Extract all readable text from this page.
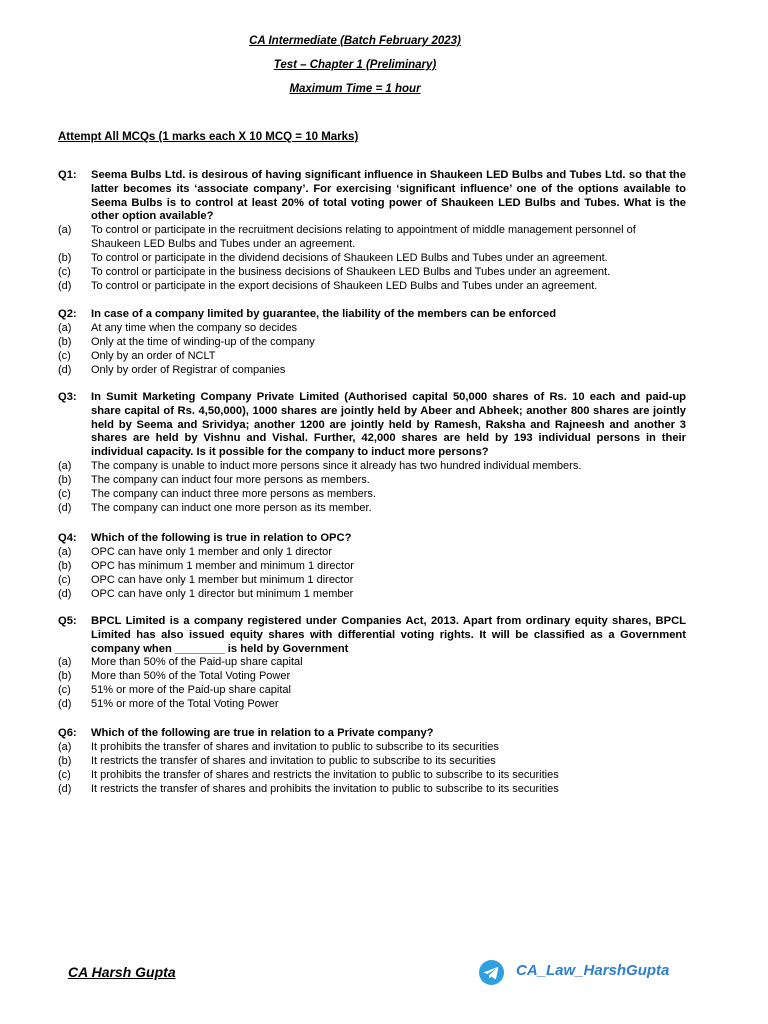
CA Intermediate (Batch February 2023)
Test – Chapter 1 (Preliminary)
Maximum Time = 1 hour
Attempt All MCQs (1 marks each X 10 MCQ = 10 Marks)
Q1:	Seema Bulbs Ltd. is desirous of having significant influence in Shaukeen LED Bulbs and Tubes Ltd. so that the latter becomes its ‘associate company’. For exercising ‘significant influence’ one of the options available to Seema Bulbs is to control at least 20% of total voting power of Shaukeen LED Bulbs and Tubes. What is the other option available?
(a)	To control or participate in the recruitment decisions relating to appointment of middle management personnel of Shaukeen LED Bulbs and Tubes under an agreement.
(b)	To control or participate in the dividend decisions of Shaukeen LED Bulbs and Tubes under an agreement.
(c)	To control or participate in the business decisions of Shaukeen LED Bulbs and Tubes under an agreement.
(d)	To control or participate in the export decisions of Shaukeen LED Bulbs and Tubes under an agreement.
Q2:	In case of a company limited by guarantee, the liability of the members can be enforced
(a)	At any time when the company so decides
(b)	Only at the time of winding-up of the company
(c)	Only by an order of NCLT
(d)	Only by order of Registrar of companies
Q3:	In Sumit Marketing Company Private Limited (Authorised capital 50,000 shares of Rs. 10 each and paid-up share capital of Rs. 4,50,000), 1000 shares are jointly held by Abeer and Abheek; another 800 shares are jointly held by Seema and Srividya; another 1200 are jointly held by Ramesh, Raksha and Rajneesh and another 3 shares are held by Vishnu and Vishal. Further, 42,000 shares are held by 193 individual persons in their individual capacity. Is it possible for the company to induct more persons?
(a)	The company is unable to induct more persons since it already has two hundred individual members.
(b)	The company can induct four more persons as members.
(c)	The company can induct three more persons as members.
(d)	The company can induct one more person as its member.
Q4:	Which of the following is true in relation to OPC?
(a)	OPC can have only 1 member and only 1 director
(b)	OPC has minimum 1 member and minimum 1 director
(c)	OPC can have only 1 member but minimum 1 director
(d)	OPC can have only 1 director but minimum 1 member
Q5:	BPCL Limited is a company registered under Companies Act, 2013. Apart from ordinary equity shares, BPCL Limited has also issued equity shares with differential voting rights. It will be classified as a Government company when ________ is held by Government
(a)	More than 50% of the Paid-up share capital
(b)	More than 50% of the Total Voting Power
(c)	51% or more of the Paid-up share capital
(d)	51% or more of the Total Voting Power
Q6:	Which of the following are true in relation to a Private company?
(a)	It prohibits the transfer of shares and invitation to public to subscribe to its securities
(b)	It restricts the transfer of shares and invitation to public to subscribe to its securities
(c)	It prohibits the transfer of shares and restricts the invitation to public to subscribe to its securities
(d)	It restricts the transfer of shares and prohibits the invitation to public to subscribe to its securities
CA Harsh Gupta	CA_Law_HarshGupta
